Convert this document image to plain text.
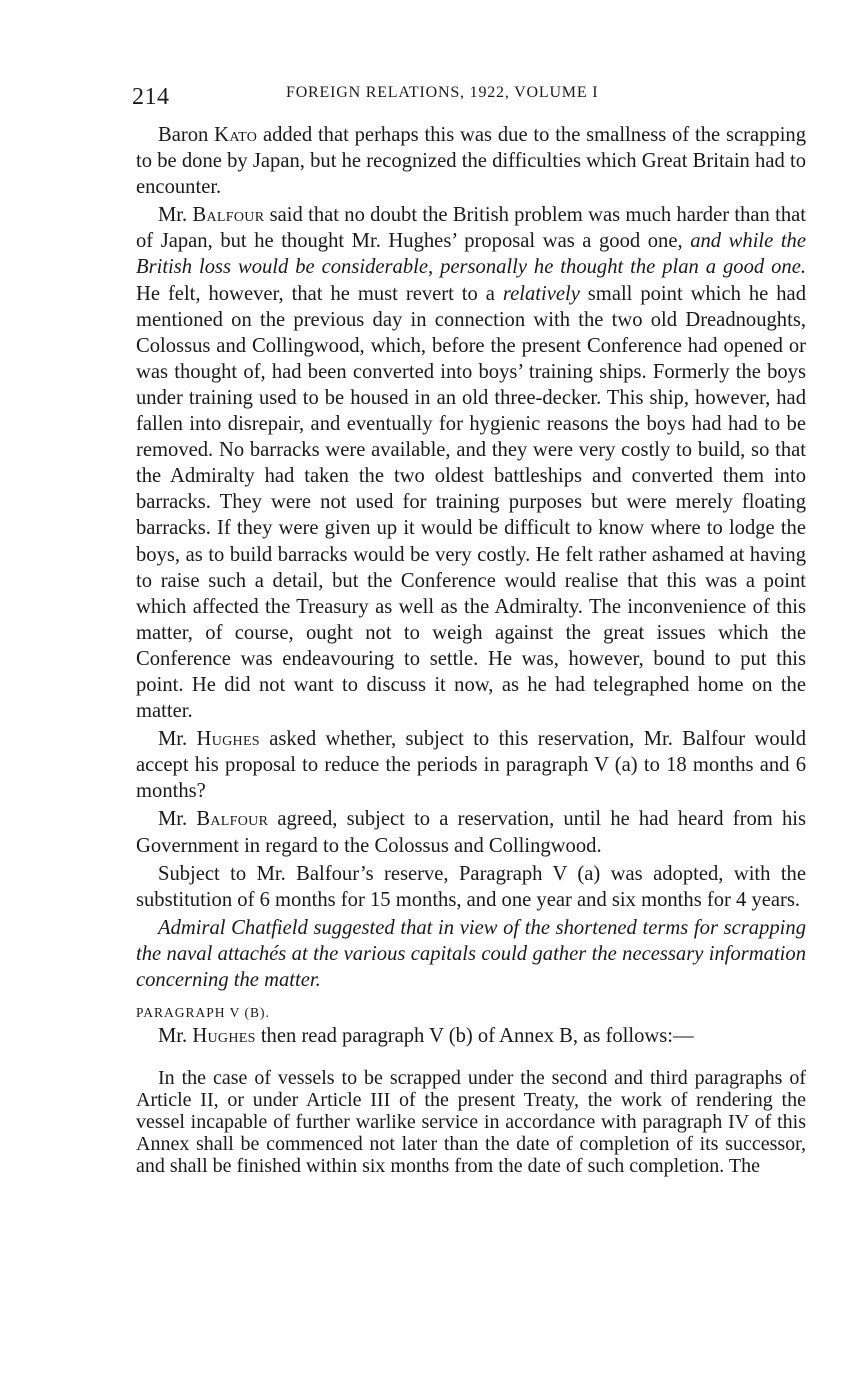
214	FOREIGN RELATIONS, 1922, VOLUME I

Baron Kato added that perhaps this was due to the smallness of the scrapping to be done by Japan, but he recognized the difficulties which Great Britain had to encounter.

Mr. Balfour said that no doubt the British problem was much harder than that of Japan, but he thought Mr. Hughes’ proposal was a good one, and while the British loss would be considerable, personally he thought the plan a good one. He felt, however, that he must revert to a relatively small point which he had mentioned on the previous day in connection with the two old Dreadnoughts, Colossus and Collingwood, which, before the present Conference had opened or was thought of, had been converted into boys’ training ships. Formerly the boys under training used to be housed in an old three-decker. This ship, however, had fallen into disrepair, and eventually for hygienic reasons the boys had had to be removed. No barracks were available, and they were very costly to build, so that the Admiralty had taken the two oldest battleships and converted them into barracks. They were not used for training purposes but were merely floating barracks. If they were given up it would be difficult to know where to lodge the boys, as to build barracks would be very costly. He felt rather ashamed at having to raise such a detail, but the Conference would realise that this was a point which affected the Treasury as well as the Admiralty. The inconvenience of this matter, of course, ought not to weigh against the great issues which the Conference was endeavouring to settle. He was, however, bound to put this point. He did not want to discuss it now, as he had telegraphed home on the matter.

Mr. Hughes asked whether, subject to this reservation, Mr. Balfour would accept his proposal to reduce the periods in paragraph V (a) to 18 months and 6 months?

Mr. Balfour agreed, subject to a reservation, until he had heard from his Government in regard to the Colossus and Collingwood.

Subject to Mr. Balfour’s reserve, Paragraph V (a) was adopted, with the substitution of 6 months for 15 months, and one year and six months for 4 years.

Admiral Chatfield suggested that in view of the shortened terms for scrapping the naval attachés at the various capitals could gather the necessary information concerning the matter.

PARAGRAPH V (B).

Mr. Hughes then read paragraph V (b) of Annex B, as follows:—

In the case of vessels to be scrapped under the second and third paragraphs of Article II, or under Article III of the present Treaty, the work of rendering the vessel incapable of further warlike service in accordance with paragraph IV of this Annex shall be commenced not later than the date of completion of its successor, and shall be finished within six months from the date of such completion. The
